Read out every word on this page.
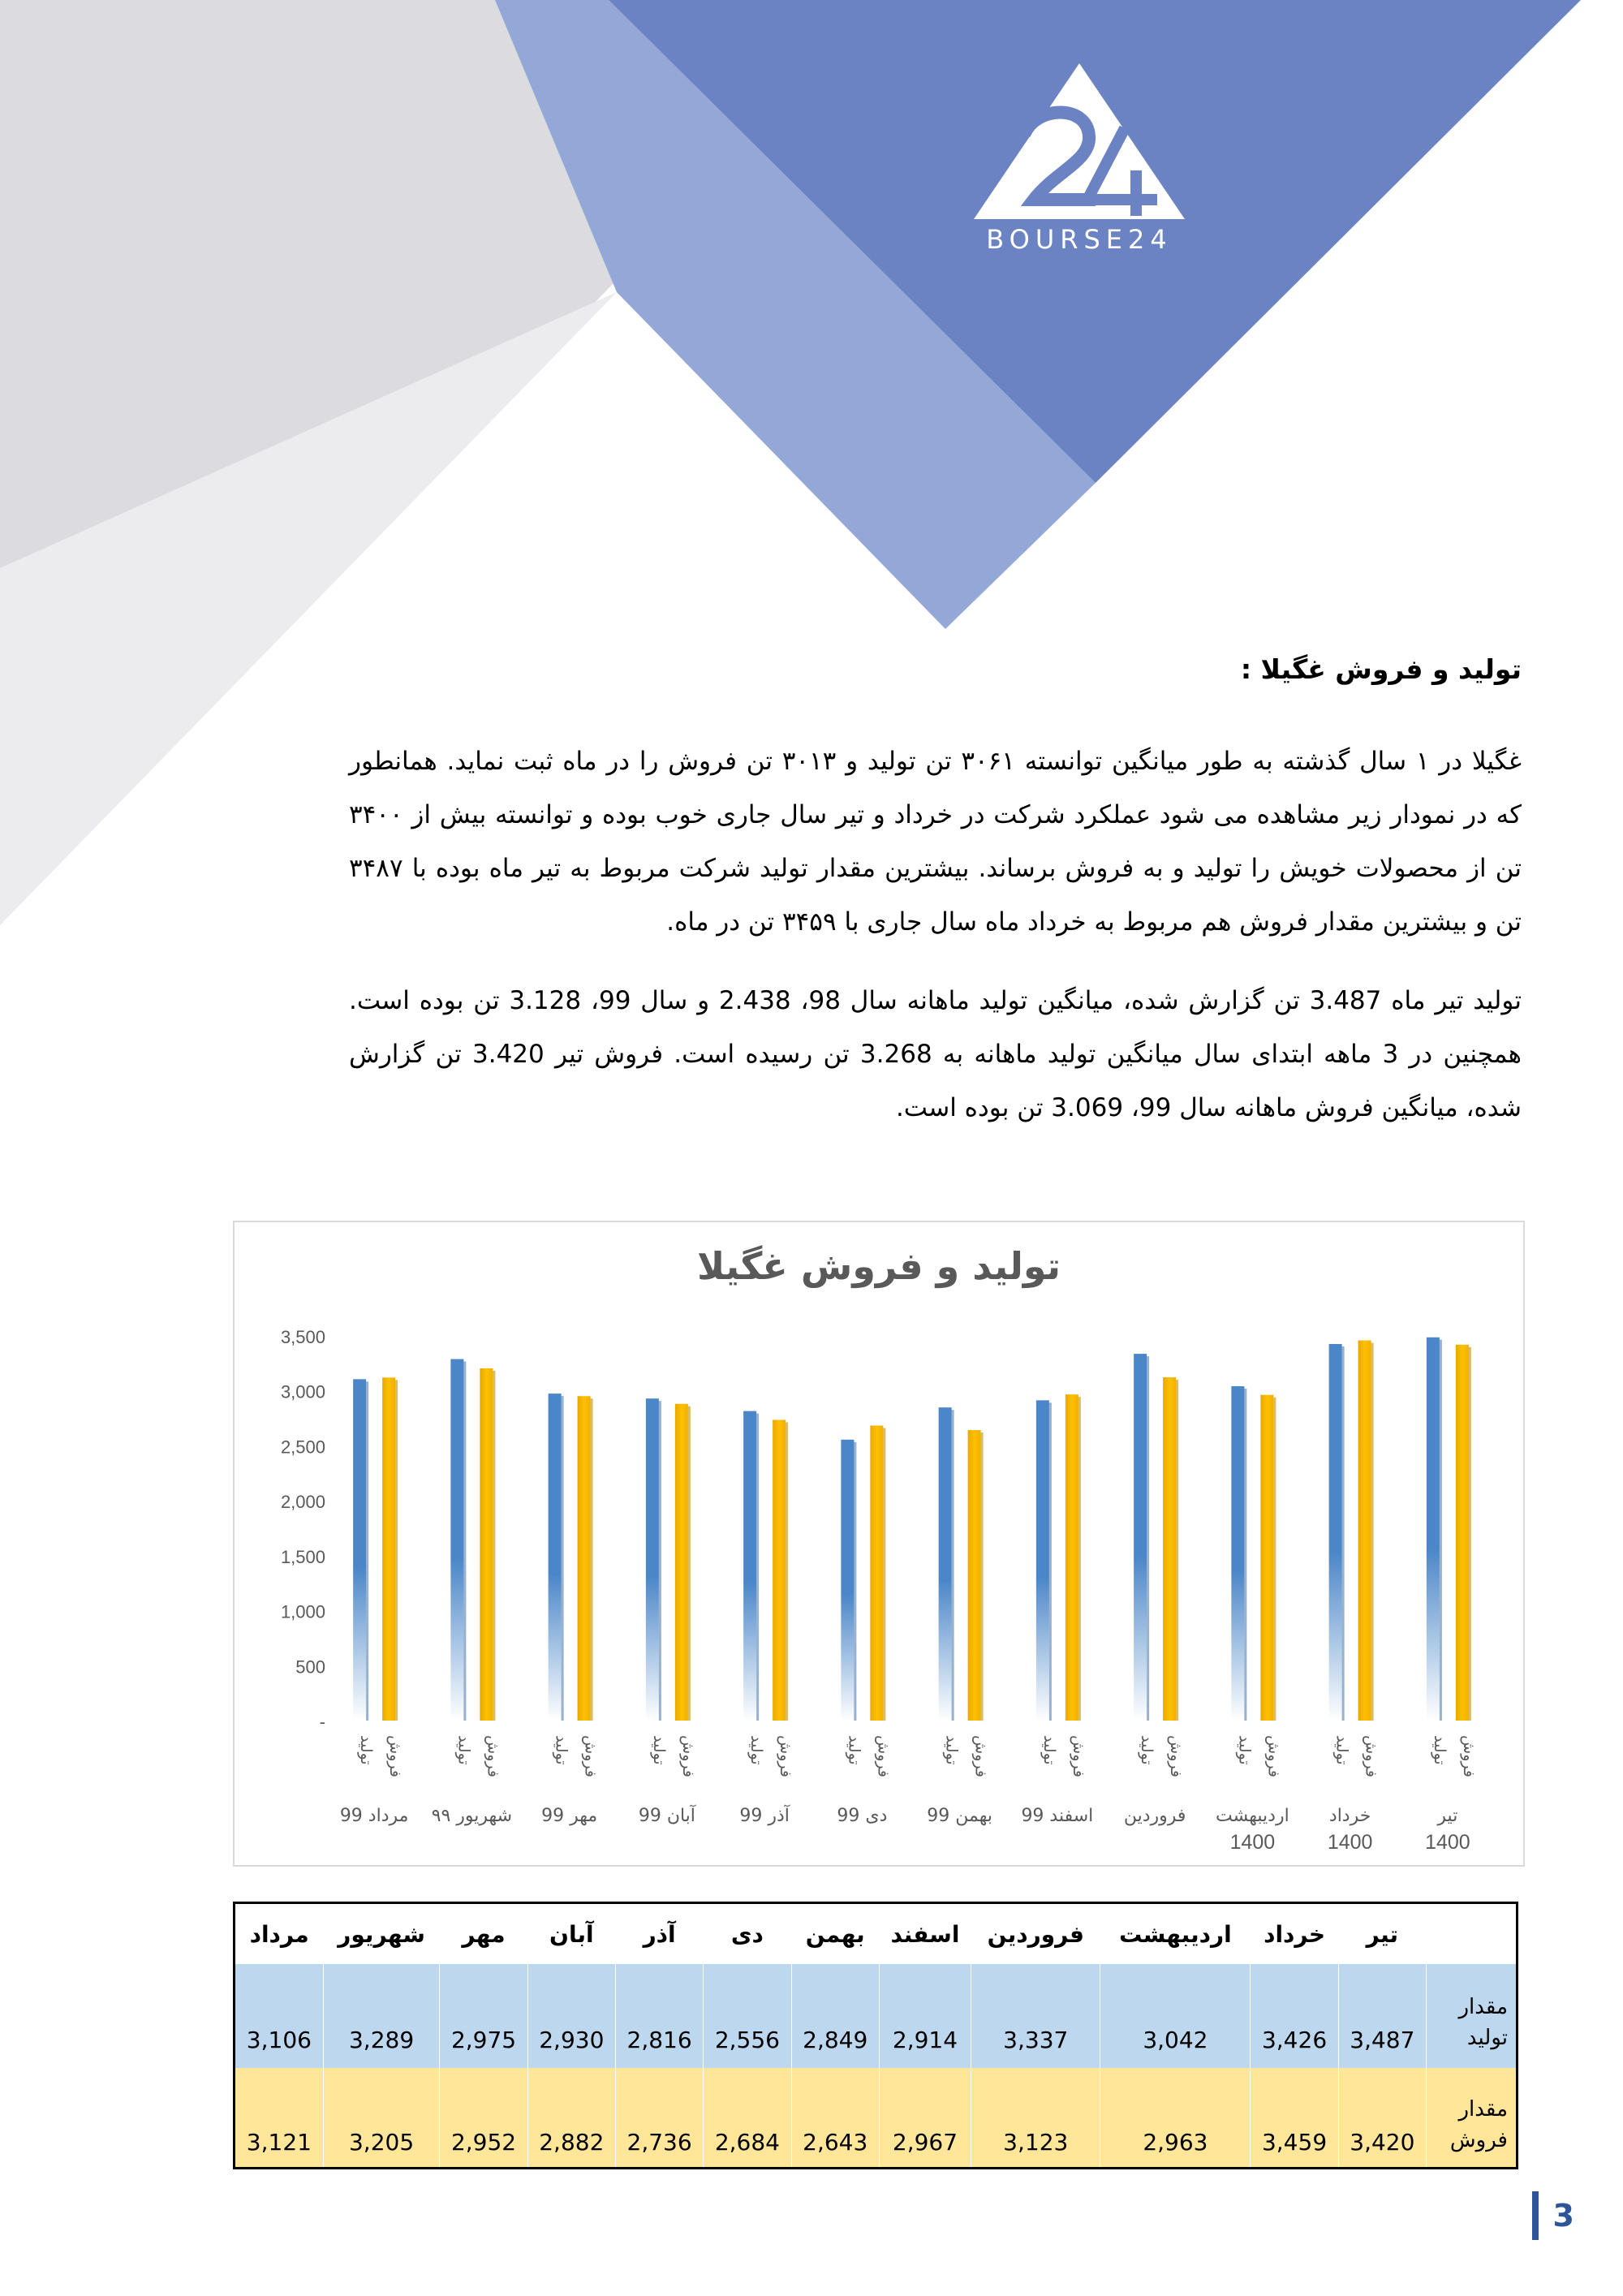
BOURSE24
تولید و فروش غگیلا :
غگیلا در ۱ سال گذشته به طور میانگین توانسته ۳۰۶۱ تن تولید و ۳۰۱۳ تن فروش را در ماه ثبت نماید. همانطور که در نمودار زیر مشاهده می شود عملکرد شرکت در خرداد و تیر سال جاری خوب بوده و توانسته بیش از ۳۴۰۰ تن از محصولات خویش را تولید و به فروش برساند. بیشترین مقدار تولید شرکت مربوط به تیر ماه بوده با ۳۴۸۷ تن و بیشترین مقدار فروش هم مربوط به خرداد ماه سال جاری با ۳۴۵۹ تن در ماه.
تولید تیر ماه 3.487 تن گزارش شده، میانگین تولید ماهانه سال 98، 2.438 و سال 99، 3.128 تن بوده است. همچنین در 3 ماهه ابتدای سال میانگین تولید ماهانه به 3.268 تن رسیده است. فروش تیر 3.420 تن گزارش شده، میانگین فروش ماهانه سال 99، 3.069 تن بوده است.
تولید و فروش غگیلا
-
500
1,000
1,500
2,000
2,500
3,000
3,500
تولید فروش
مرداد 99
تولید فروش
شهریور ۹۹
تولید فروش
مهر 99
تولید فروش
آبان 99
تولید فروش
آذر 99
تولید فروش
دی 99
تولید فروش
بهمن 99
تولید فروش
اسفند 99
تولید فروش
فروردین
تولید فروش
اردیبهشت
1400
تولید فروش
خرداد
1400
تولید فروش
تیر
1400
	تیر	خرداد	اردیبهشت	فروردین	اسفند	بهمن	دی	آذر	آبان	مهر	شهریور	مرداد
مقدار تولید	3,487	3,426	3,042	3,337	2,914	2,849	2,556	2,816	2,930	2,975	3,289	3,106
مقدار فروش	3,420	3,459	2,963	3,123	2,967	2,643	2,684	2,736	2,882	2,952	3,205	3,121
3
